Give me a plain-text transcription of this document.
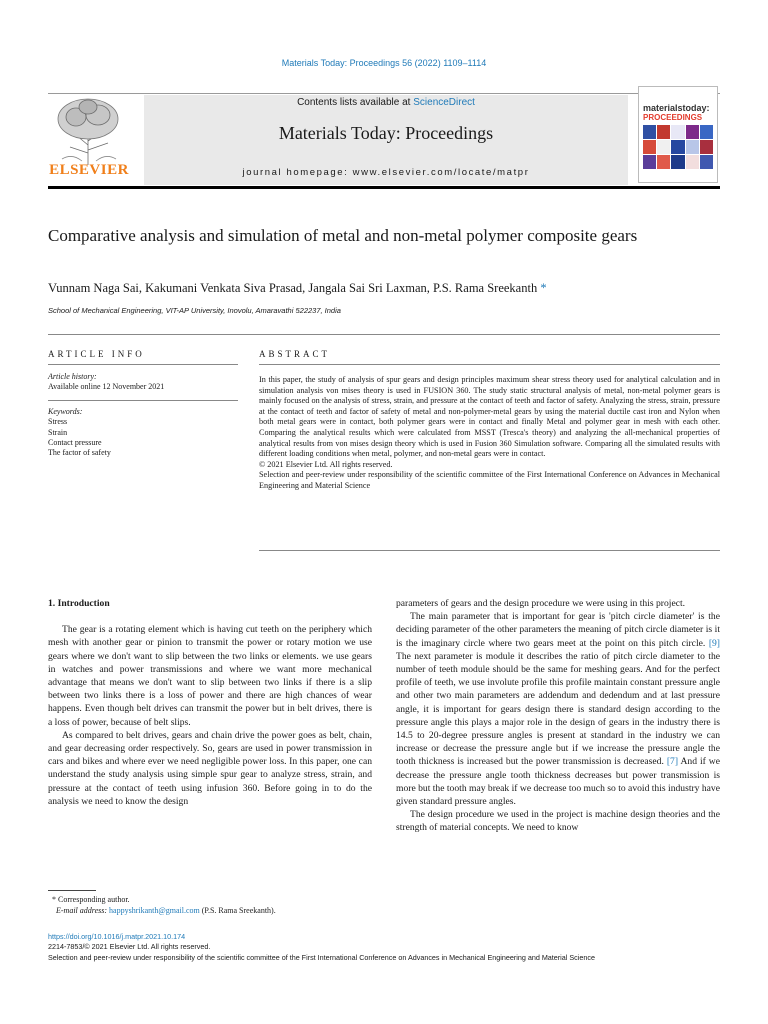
Materials Today: Proceedings 56 (2022) 1109–1114
ELSEVIER
Contents lists available at ScienceDirect
Materials Today: Proceedings
journal homepage: www.elsevier.com/locate/matpr
materialstoday:
PROCEEDINGS
Comparative analysis and simulation of metal and non-metal polymer composite gears
Vunnam Naga Sai, Kakumani Venkata Siva Prasad, Jangala Sai Sri Laxman, P.S. Rama Sreekanth *
School of Mechanical Engineering, VIT-AP University, Inovolu, Amaravathi 522237, India
ARTICLE INFO	ABSTRACT
Article history:
Available online 12 November 2021
Keywords:
Stress
Strain
Contact pressure
The factor of safety

In this paper, the study of analysis of spur gears and design principles maximum shear stress theory used for analytical calculation and in simulation analysis von mises theory is used in FUSION 360. The study static structural analysis of metal, non-metal polymer gears is mainly focused on the analysis of stress, strain, and pressure at the contact of teeth and factor of safety. Analyzing the stress, strain, pressure at the contact of teeth and factor of safety of metal and non-polymer-metal gears by using the material ductile cast iron and Nylon when both metal gears were in contact, both polymer gears were in contact and finally Metal and polymer gear in mesh with each other. Comparing the analytical results which were calculated from MSST (Tresca's theory) and analyzing the all-mechanical properties of analytical results from von mises design theory which is used in Fusion 360 Simulation software. Comparing all the simulated results with different loading conditions when metal, polymer, and non-metal gears were in contact.

© 2021 Elsevier Ltd. All rights reserved.

Selection and peer-review under responsibility of the scientific committee of the First International Conference on Advances in Mechanical Engineering and Material Science

1. Introduction

The gear is a rotating element which is having cut teeth on the periphery which mesh with another gear or pinion to transmit the power or rotary motion we use gears where we don't want to slip between the two links or elements. we use gears in watches and power transmissions and where we want more mechanical advantage that means we don't want to slip between two links if there is a slip between two links there is a loss of power and there are high chances of wear happens. Even though belt drives can transmit the power but in belt drives, there is a loss of power, because of belt slips.

As compared to belt drives, gears and chain drive the power goes as belt, chain, and gear decreasing order respectively. So, gears are used in power transmission in cars and bikes and where ever we need negligible power loss. In this paper, one can understand the study analysis using simple spur gear to analyze stress, strain, and pressure at the contact of teeth using infusion 360. Before going in to do the analysis we need to know the design

parameters of gears and the design procedure we were using in this project.

The main parameter that is important for gear is 'pitch circle diameter' is the deciding parameter of the other parameters the meaning of pitch circle diameter is it is the imaginary circle where two gears meet at the point on this pitch circle. [9] The next parameter is module it describes the ratio of pitch circle diameter to the number of teeth module should be the same for meshing gears. And for the perfect profile of teeth, we use involute profile this profile maintain constant pressure angle and other two main parameters are addendum and dedendum and at last pressure angle, it is important for gears design there is standard design according to the pressure angle this plays a major role in the design of gears in the industry there is 14.5 to 20-degree pressure angles is present at standard in the industry we can increase or decrease the pressure angle but if we increase the pressure angle the tooth thickness is increased but the power transmission is decreased. [7] And if we decrease the pressure angle tooth thickness decreases but power transmission is more but the tooth may break if we decrease too much so to avoid this industry have given standard pressure angles.

The design procedure we used in the project is machine design theories and the strength of material concepts. We need to know

* Corresponding author.
E-mail address: happyshrikanth@gmail.com (P.S. Rama Sreekanth).
https://doi.org/10.1016/j.matpr.2021.10.174
2214-7853/© 2021 Elsevier Ltd. All rights reserved.
Selection and peer-review under responsibility of the scientific committee of the First International Conference on Advances in Mechanical Engineering and Material Science
